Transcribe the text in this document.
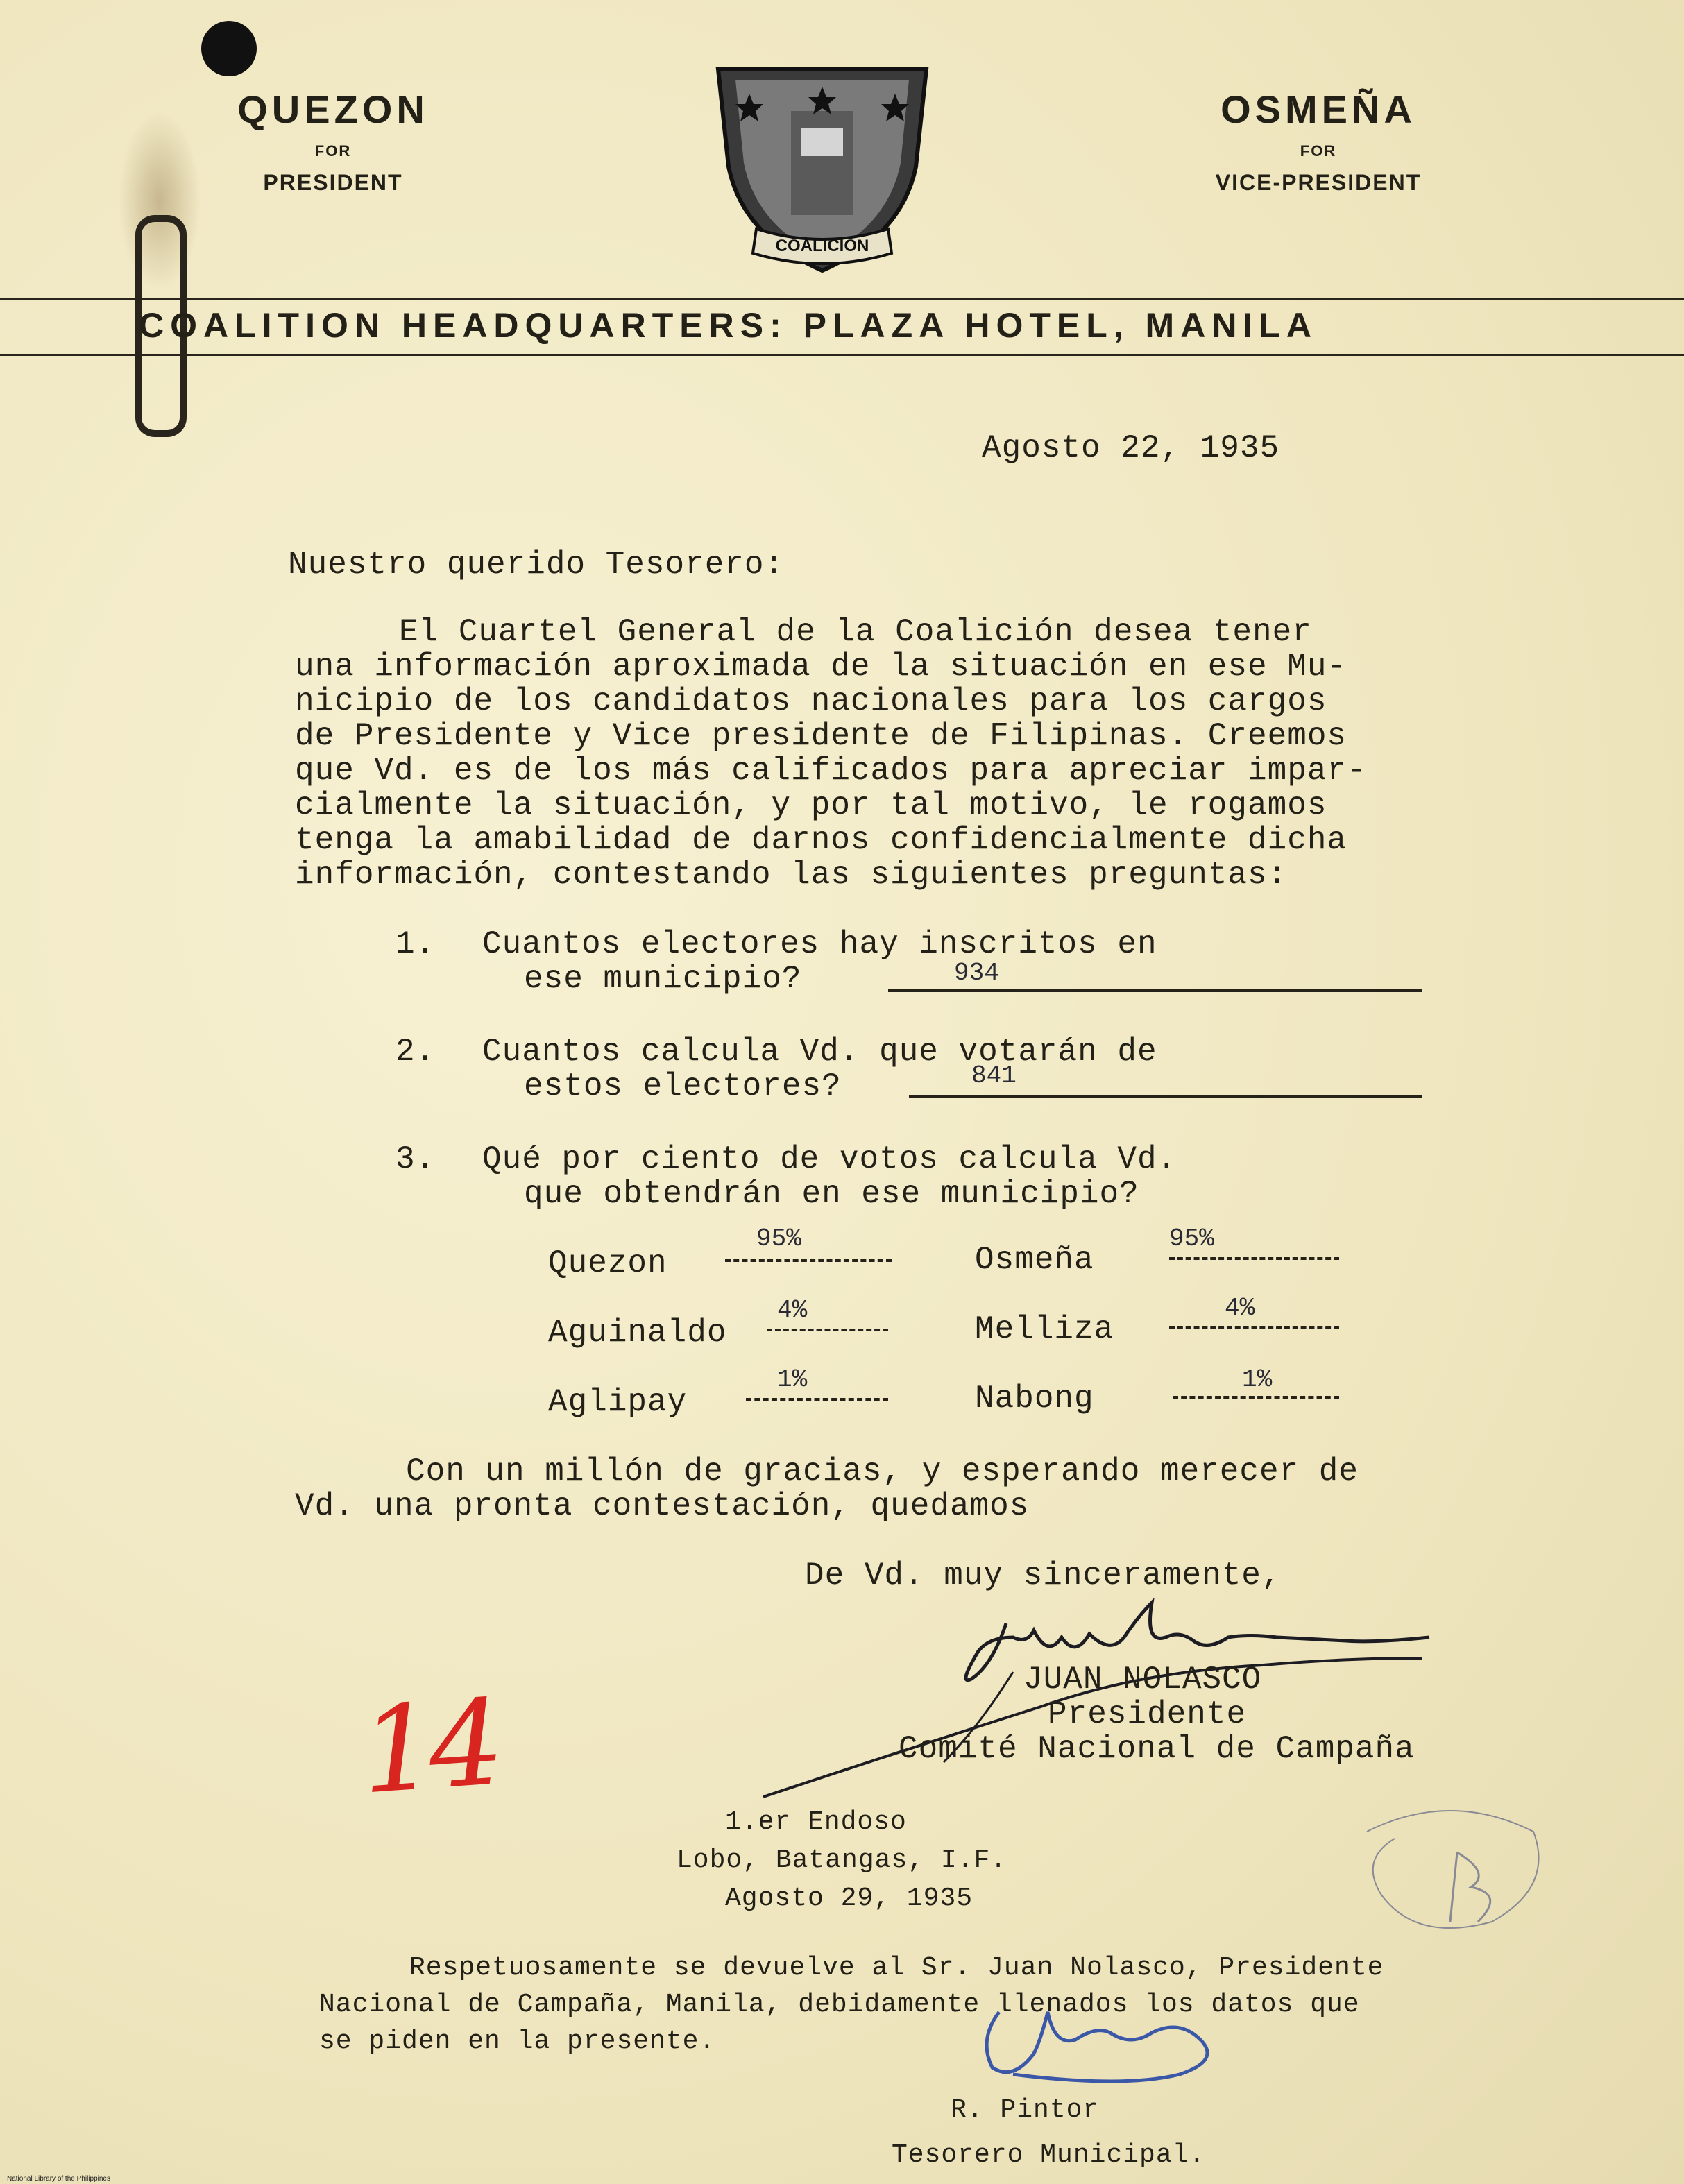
QUEZON
FOR
PRESIDENT
OSMEÑA
FOR
VICE-PRESIDENT
COALICION
COALITION HEADQUARTERS: PLAZA HOTEL, MANILA
Agosto 22, 1935
Nuestro querido Tesorero:
El Cuartel General de la Coalición desea tener
una información aproximada de la situación en ese Mu-
nicipio de los candidatos nacionales para los cargos
de Presidente y Vice presidente de Filipinas. Creemos
que Vd. es de los más calificados para apreciar impar-
cialmente la situación, y por tal motivo, le rogamos
tenga la amabilidad de darnos confidencialmente dicha
información, contestando las siguientes preguntas:
1. Cuantos electores hay inscritos en
ese municipio?	934
2. Cuantos calcula Vd. que votarán de
estos electores?	841
3. Qué por ciento de votos calcula Vd.
que obtendrán en ese municipio?
Quezon
95%
Osmeña
95%
Aguinaldo
4%
Melliza
4%
Aglipay
1%
Nabong
1%
Con un millón de gracias, y esperando merecer de
Vd. una pronta contestación, quedamos
De Vd. muy sinceramente,
JUAN NOLASCO
Presidente
Comité Nacional de Campaña
14
1.er Endoso
Lobo, Batangas, I.F.
Agosto 29, 1935
Respetuosamente se devuelve al Sr. Juan Nolasco, Presidente
Nacional de Campaña, Manila, debidamente llenados los datos que
se piden en la presente.
R. Pintor
Tesorero Municipal.
National Library of the Philippines
